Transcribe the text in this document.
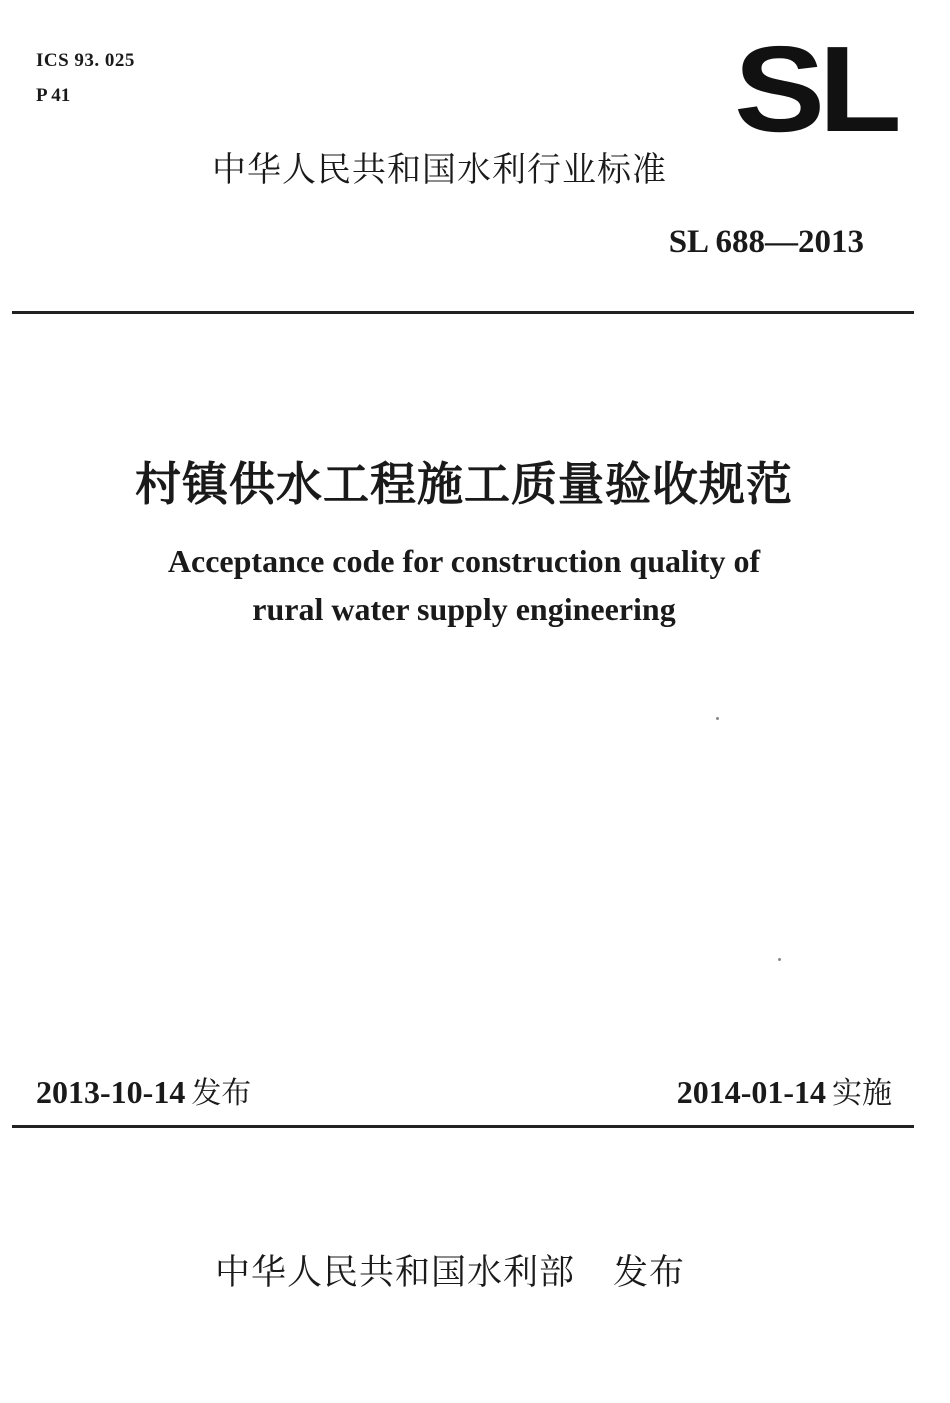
ICS 93. 025
P 41	SL
中华人民共和国水利行业标准
SL 688—2013
村镇供水工程施工质量验收规范
Acceptance code for construction quality of
rural water supply engineering
2013-10-14 发布	2014-01-14 实施
中华人民共和国水利部 发布
